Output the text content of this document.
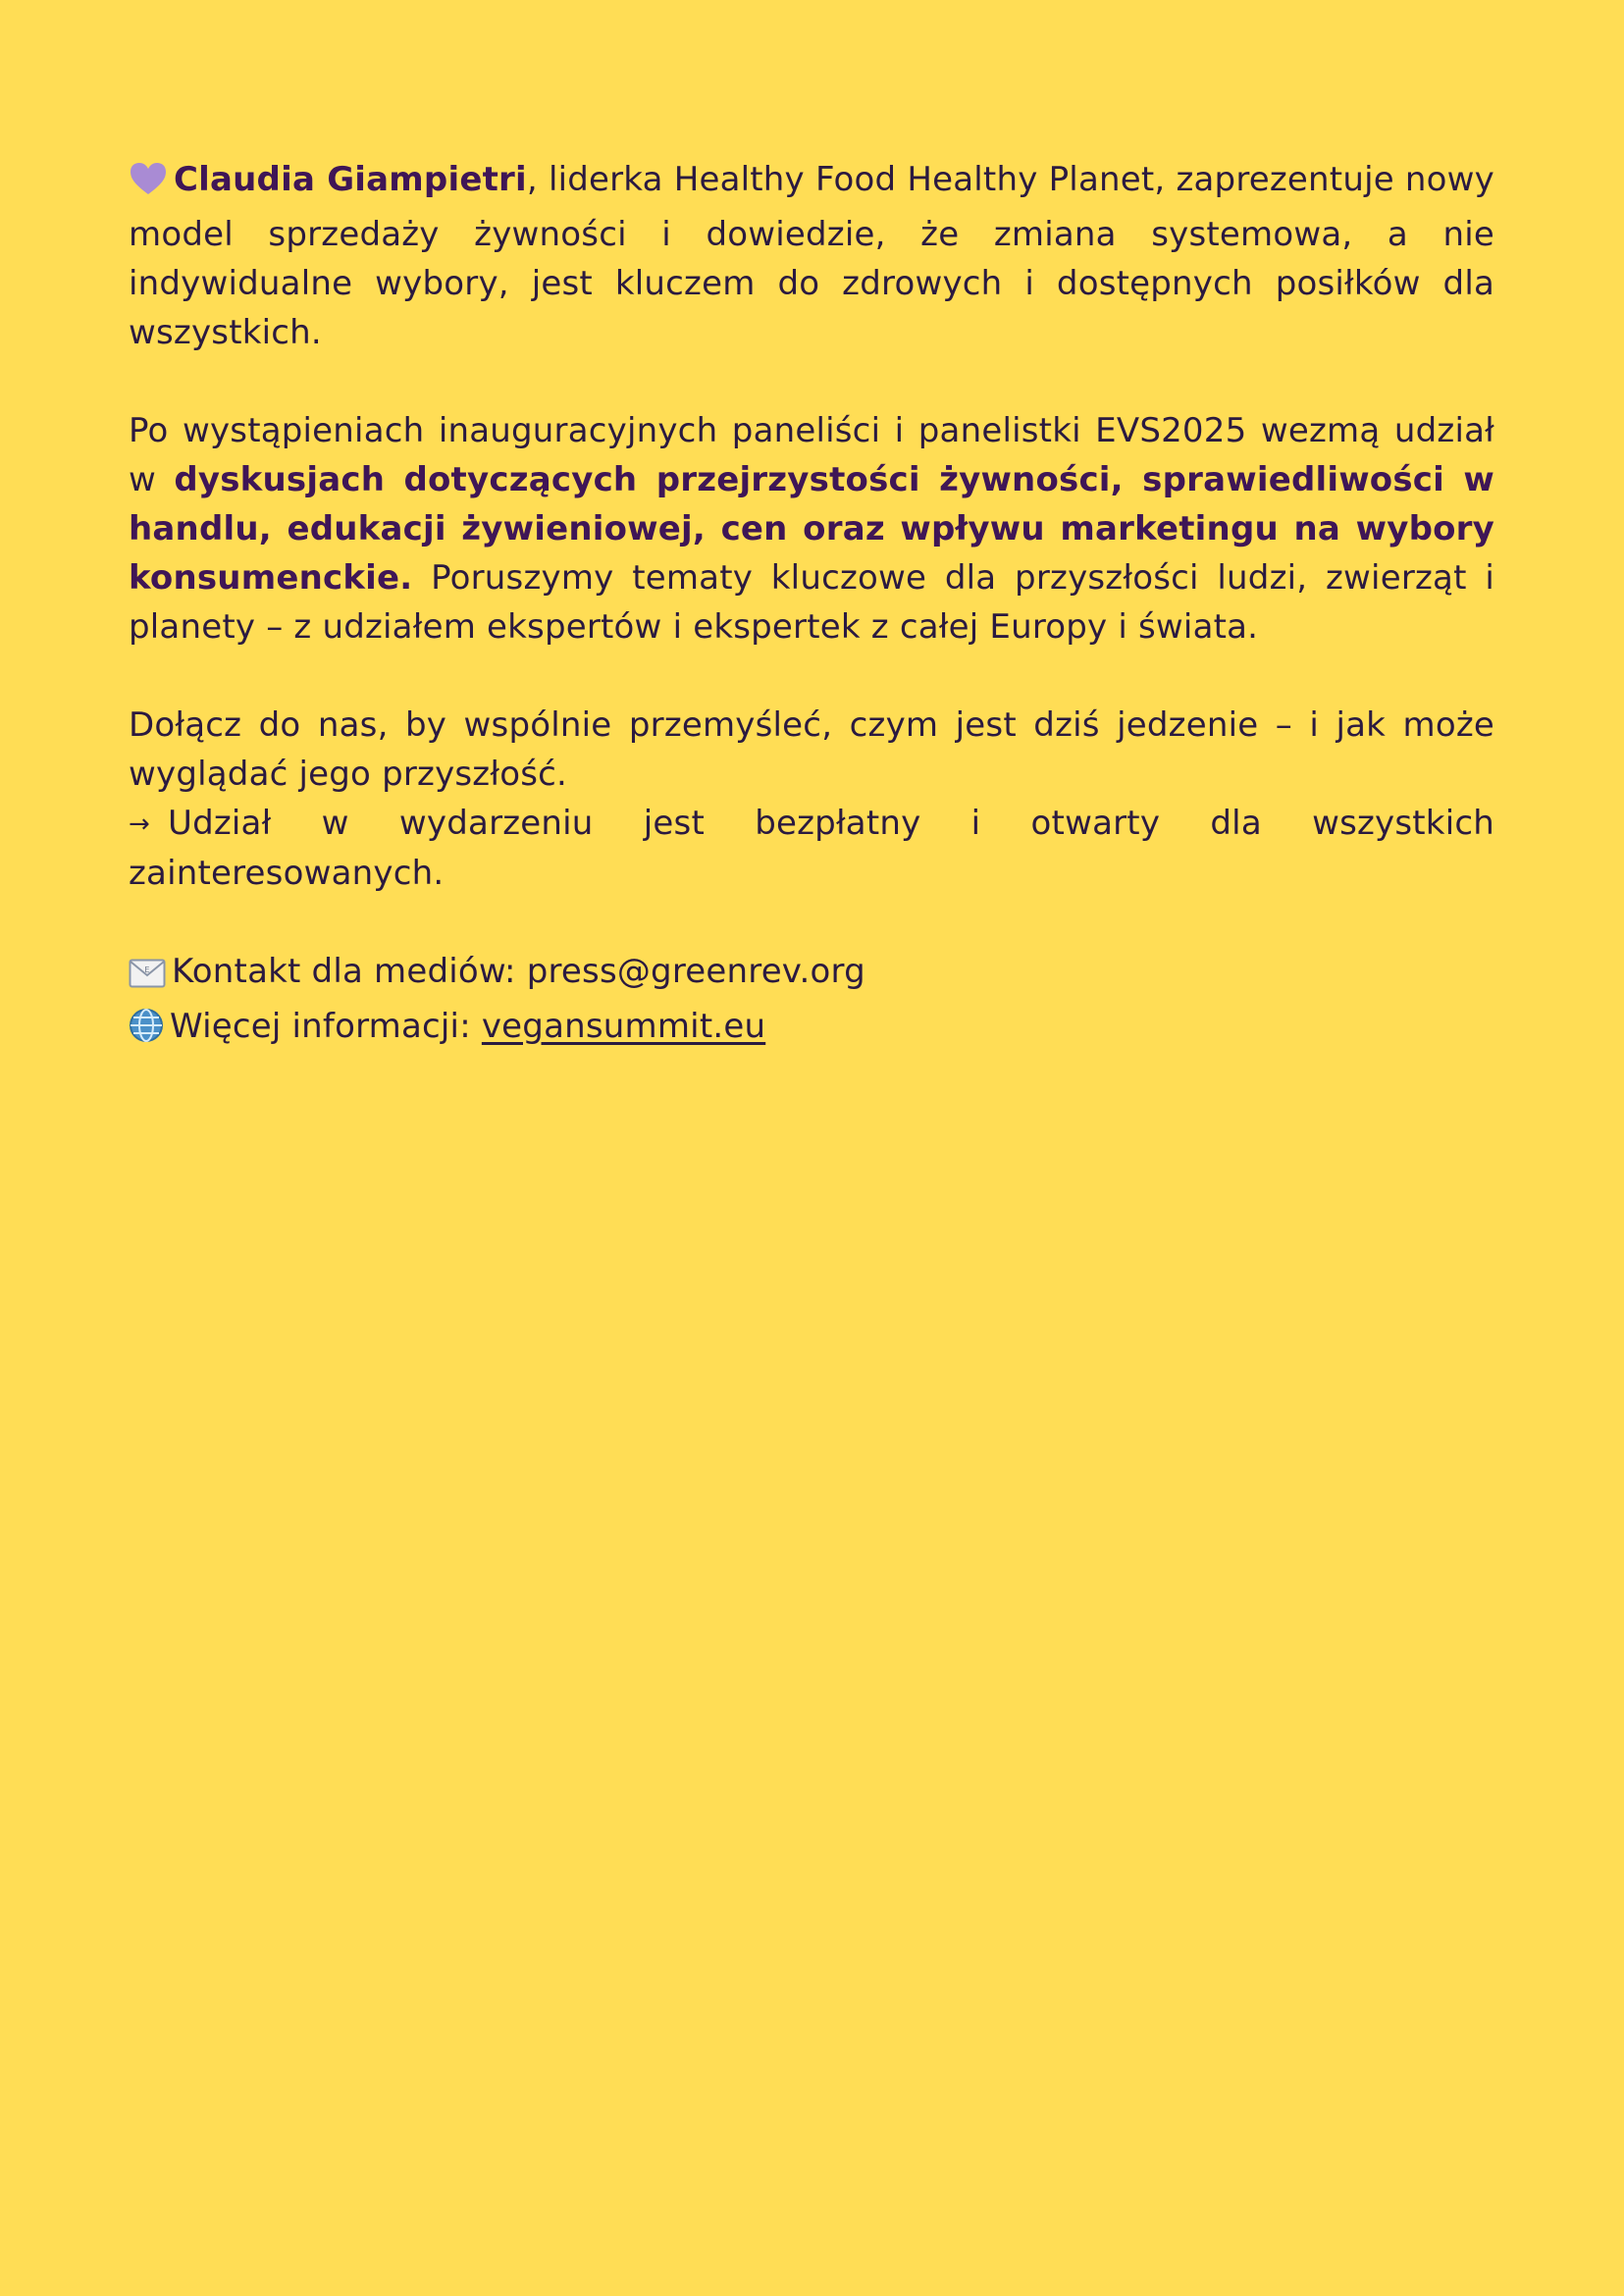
Claudia Giampietri, liderka Healthy Food Healthy Planet, zaprezentuje nowy model sprzedaży żywności i dowiedzie, że zmiana systemowa, a nie indywidualne wybory, jest kluczem do zdrowych i dostępnych posiłków dla wszystkich.

Po wystąpieniach inauguracyjnych paneliści i panelistki EVS2025 wezmą udział w dyskusjach dotyczących przejrzystości żywności, sprawiedliwości w handlu, edukacji żywieniowej, cen oraz wpływu marketingu na wybory konsumenckie. Poruszymy tematy kluczowe dla przyszłości ludzi, zwierząt i planety – z udziałem ekspertów i ekspertek z całej Europy i świata.

Dołącz do nas, by wspólnie przemyśleć, czym jest dziś jedzenie – i jak może wyglądać jego przyszłość.

→ Udział w wydarzeniu jest bezpłatny i otwarty dla wszystkich zainteresowanych.

E Kontakt dla mediów: press@greenrev.org
Więcej informacji: vegansummit.eu
